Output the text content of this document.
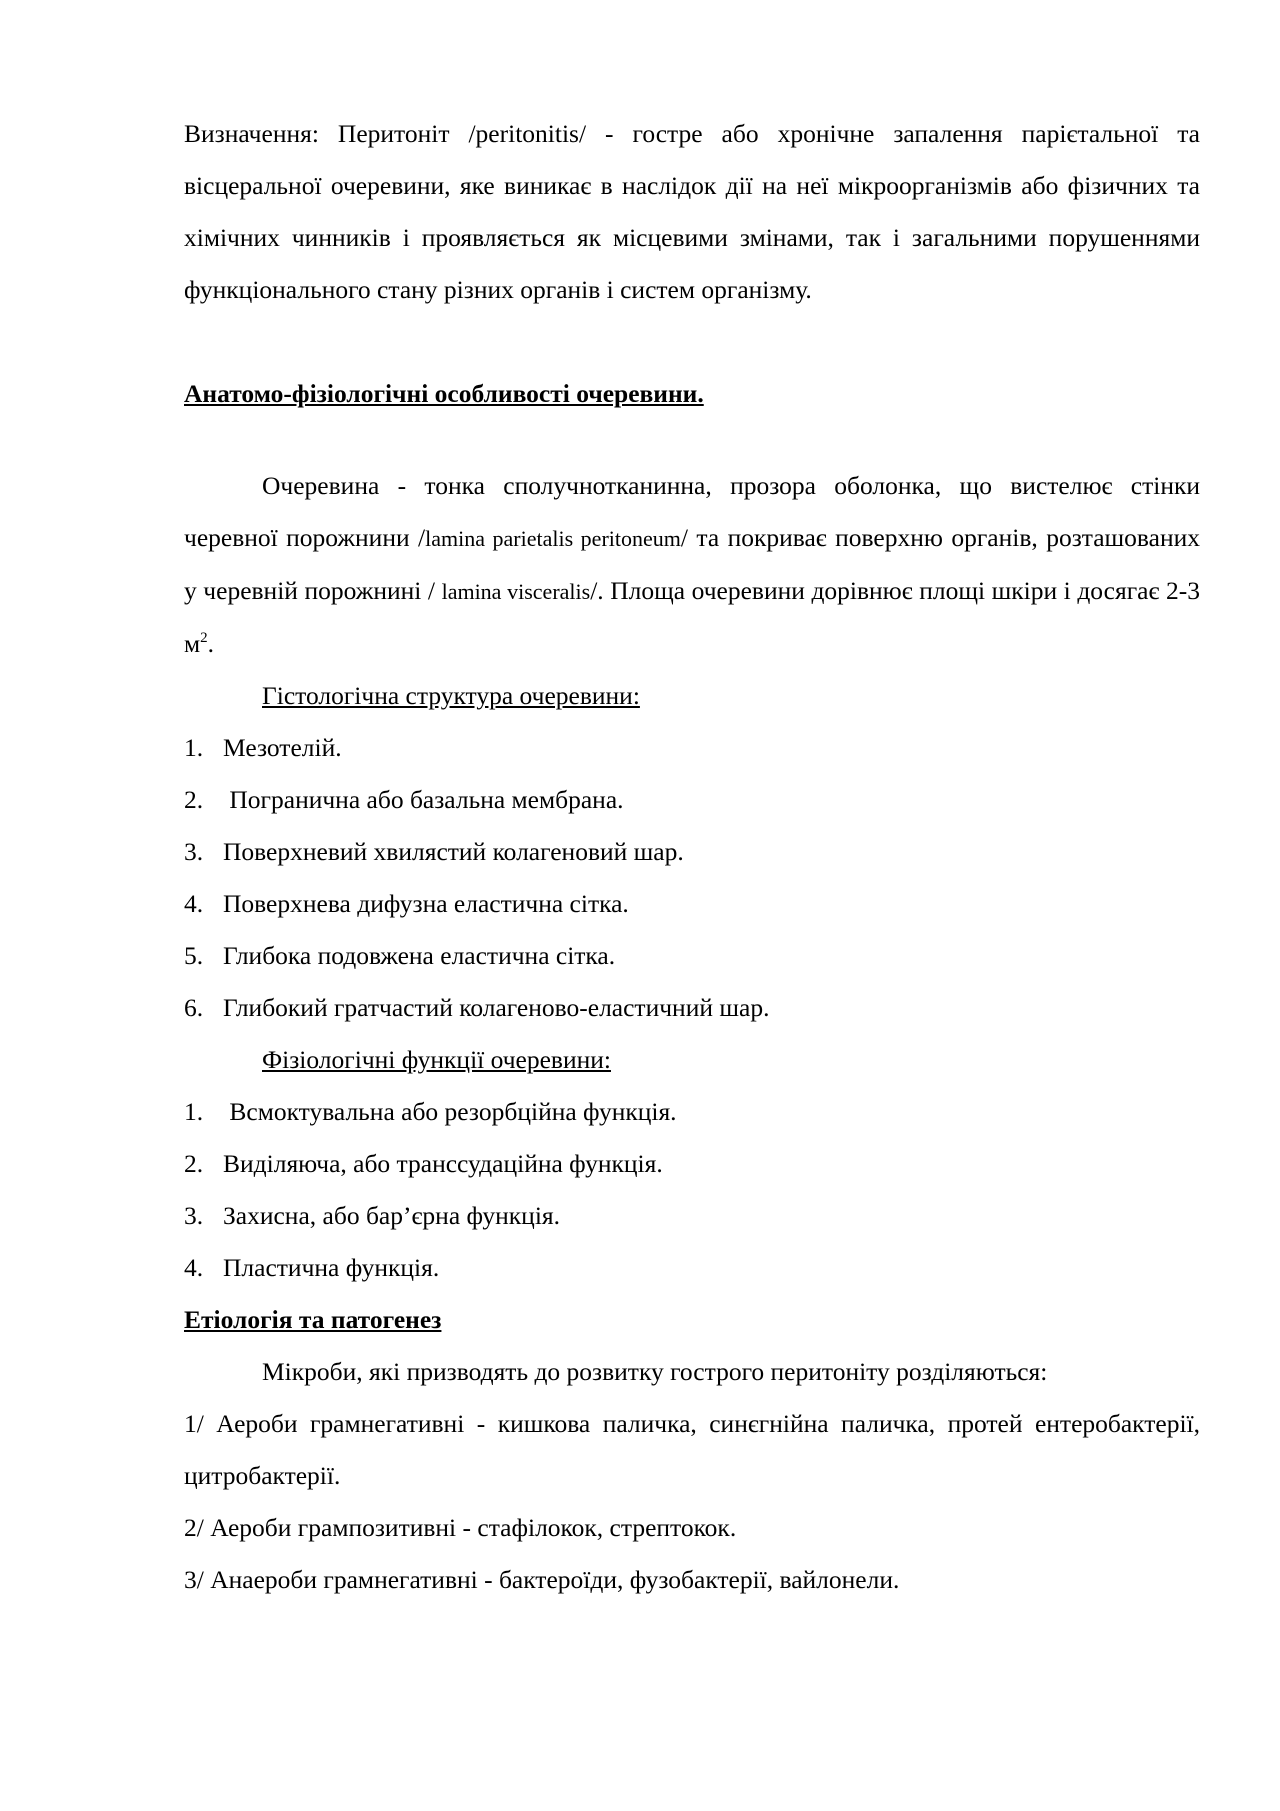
Визначення: Перитоніт /peritonitis/ - гостре або хронічне запалення парієтальної та вісцеральної очеревини, яке виникає в наслідок дії на неї мікроорганізмів або фізичних та хімічних чинників і проявляється як місцевими змінами, так і загальними порушеннями функціонального стану різних органів і систем організму.

Анатомо-фізіологічні особливості очеревини.

Очеревина - тонка сполучнотканинна, прозора оболонка, що вистелює стінки черевної порожнини /lamina parietalis peritoneum/ та покриває поверхню органів, розташованих у черевній порожнині / lamina visceralis/. Площа очеревини дорівнює площі шкіри і досягає 2-3 $м^2$.

Гістологічна структура очеревини:

1. Мезотелій.
2. Погранична або базальна мембрана.
3. Поверхневий хвилястий колагеновий шар.
4. Поверхнева дифузна еластична сітка.
5. Глибока подовжена еластична сітка.
6. Глибокий гратчастий колагеново-еластичний шар.

Фізіологічні функції очеревини:

1. Всмоктувальна або резорбційна функція.
2. Виділяюча, або транссудаційна функція.
3. Захисна, або бар’єрна функція.
4. Пластична функція.

Етіологія та патогенез

Мікроби, які призводять до розвитку гострого перитоніту розділяються:

1/ Аероби грамнегативні - кишкова паличка, синєгнійна паличка, протей ентеробактерії, цитробактерії.

2/ Аероби грампозитивні - стафілокок, стрептокок.

3/ Анаероби грамнегативні - бактероїди, фузобактерії, вайлонели.
